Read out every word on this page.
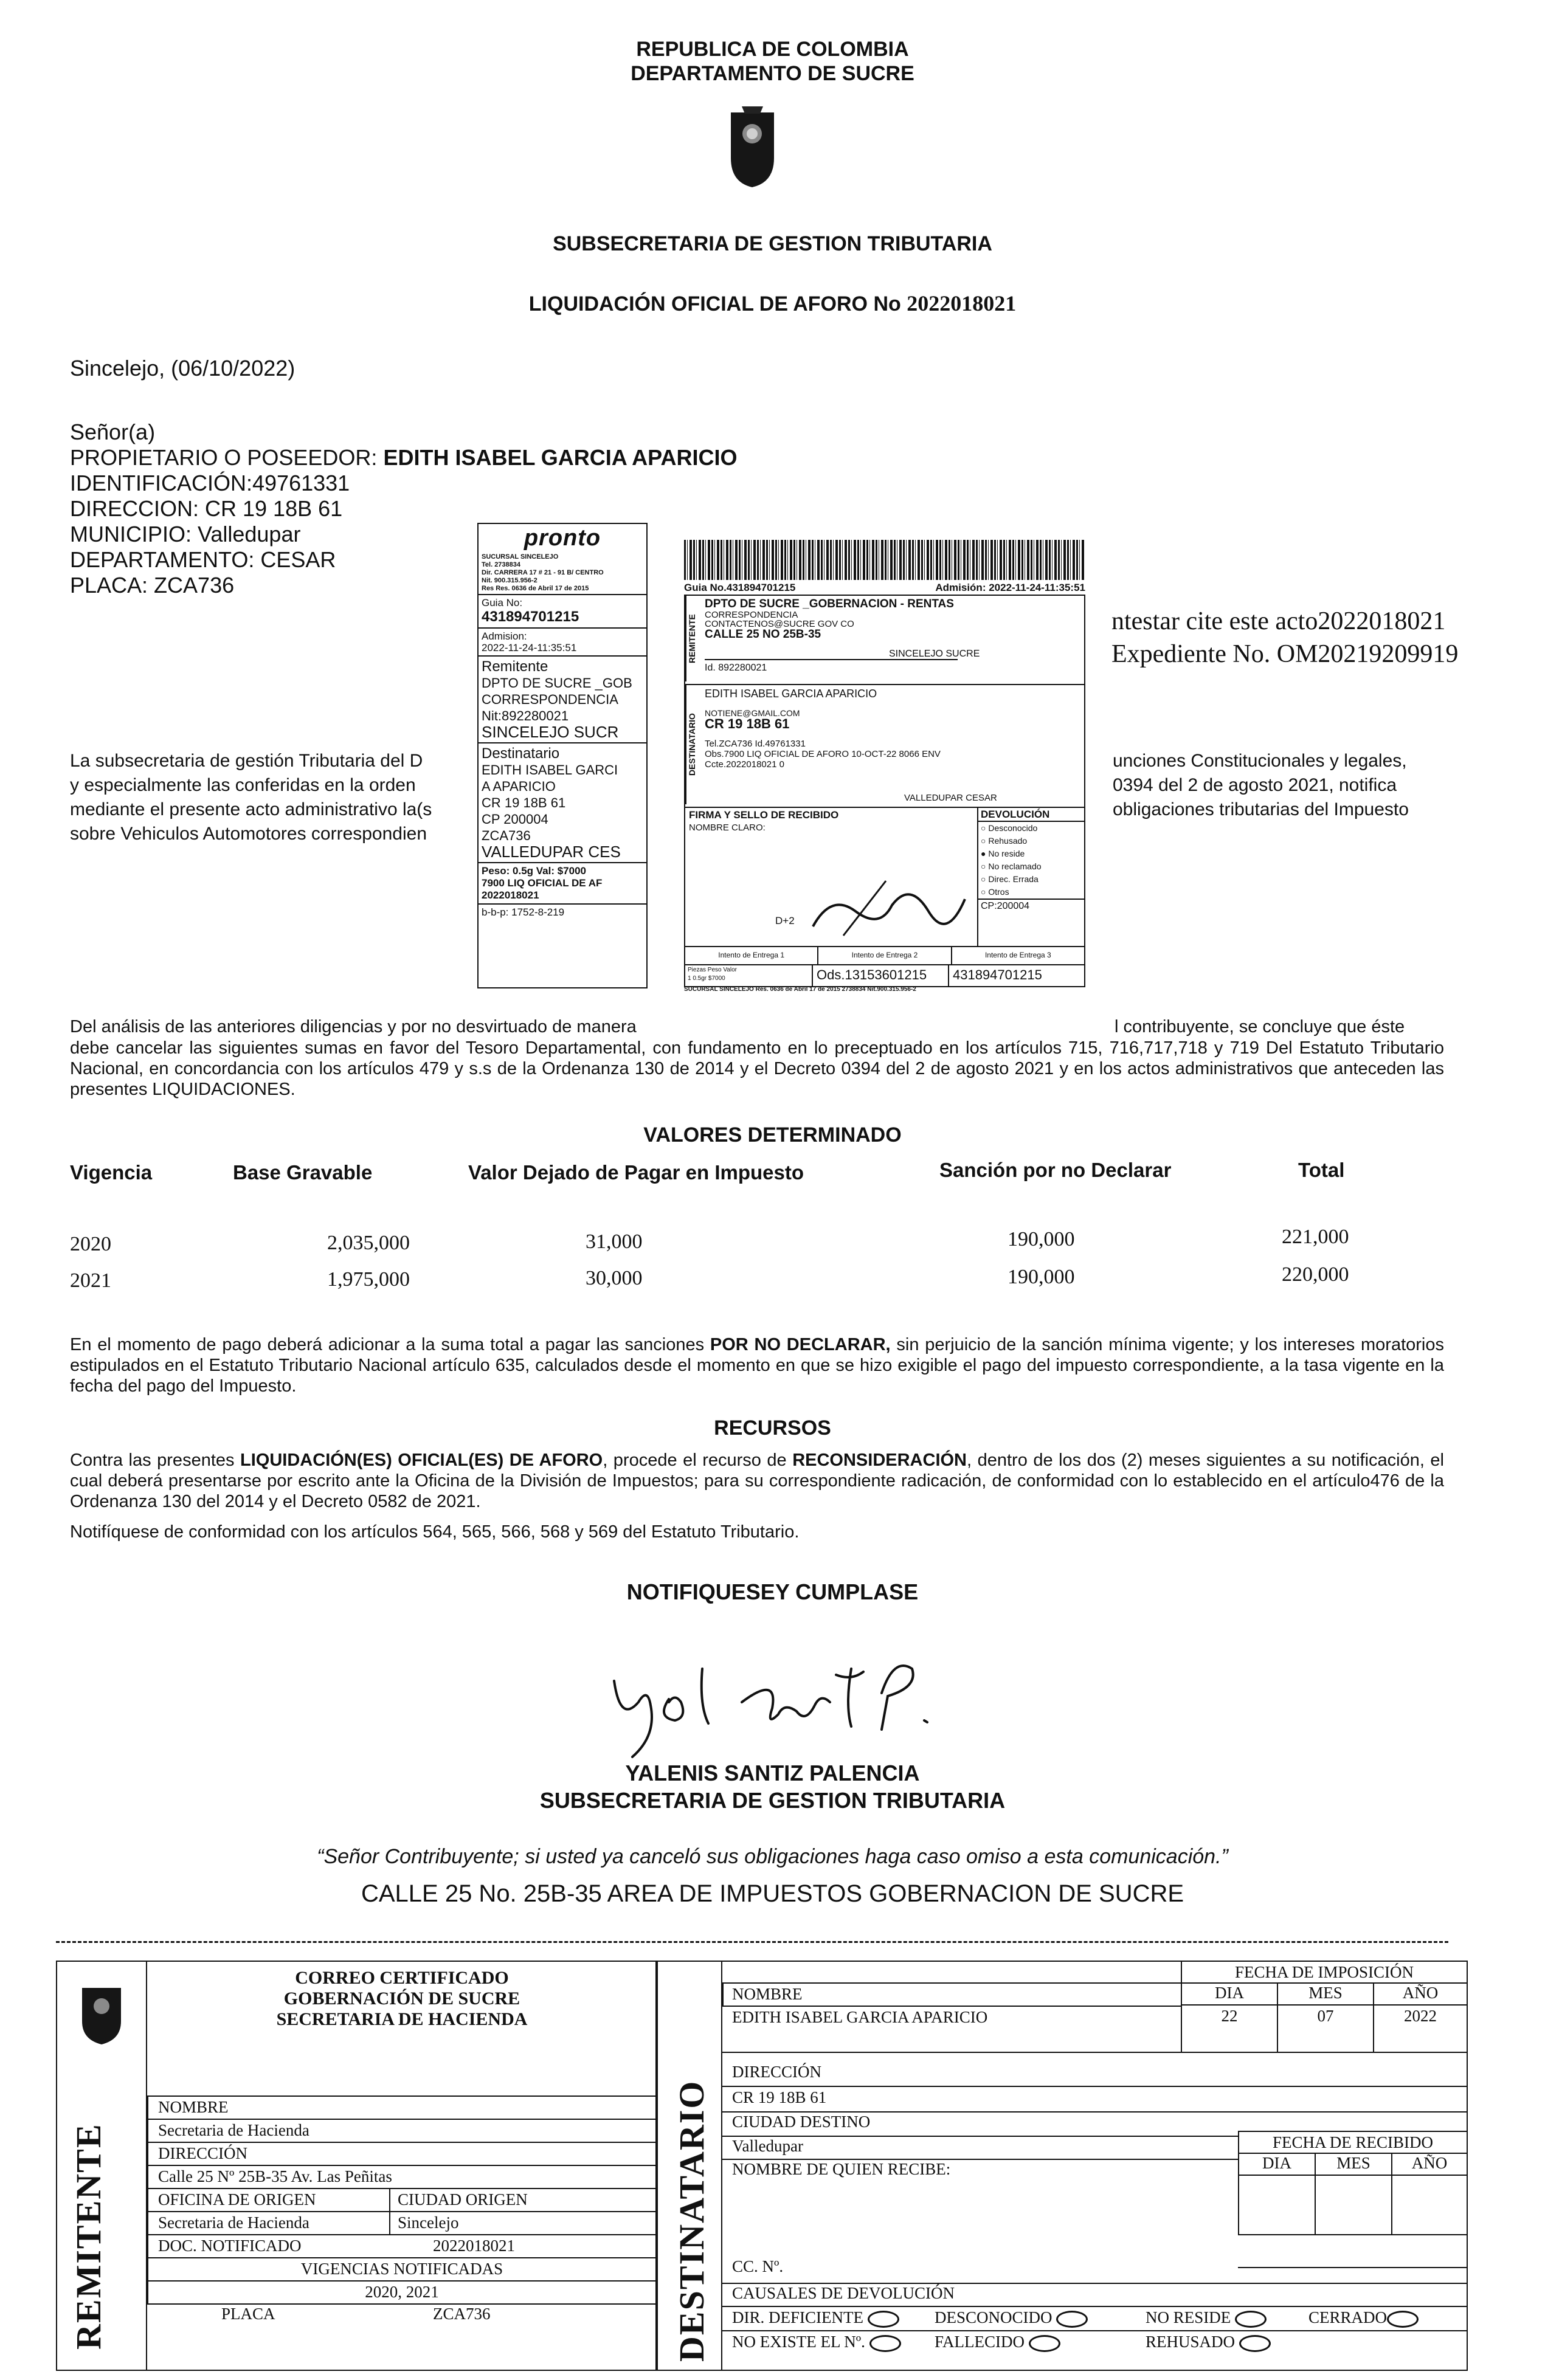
REPUBLICA DE COLOMBIA
DEPARTAMENTO DE SUCRE
SUBSECRETARIA DE GESTION TRIBUTARIA
LIQUIDACIÓN OFICIAL DE AFORO No 2022018021
Sincelejo, (06/10/2022)
Señor(a)
PROPIETARIO O POSEEDOR: EDITH ISABEL GARCIA APARICIO
IDENTIFICACIÓN:49761331
DIRECCION: CR 19 18B 61
MUNICIPIO: Valledupar
DEPARTAMENTO: CESAR
PLACA: ZCA736
ntestar cite este acto2022018021
Expediente No. OM20219209919
La subsecretaria de gestión Tributaria del D
y especialmente las conferidas en la orden
mediante el presente acto administrativo la(s
sobre Vehiculos Automotores correspondien
unciones Constitucionales y legales,
0394 del 2 de agosto 2021, notifica
obligaciones tributarias del Impuesto
pronto
SUCURSAL SINCELEJO
Tel. 2738834
Dir. CARRERA 17 # 21 - 91 B/ CENTRO
Nit. 900.315.956-2
Res Res. 0636 de Abril 17 de 2015
Guia No:
431894701215
Admision:
2022-11-24-11:35:51
Remitente
DPTO DE SUCRE _GOB
CORRESPONDENCIA
Nit:892280021
SINCELEJO SUCR
Destinatario
EDITH ISABEL GARCI
A APARICIO
CR 19 18B 61
CP 200004
ZCA736
VALLEDUPAR CES
Peso: 0.5g Val: $7000
7900 LIQ OFICIAL DE AF
2022018021
b-b-p: 1752-8-219
Guia No.431894701215	Admisión: 2022-11-24-11:35:51
REMITENTE
DPTO DE SUCRE _GOBERNACION - RENTAS
CORRESPONDENCIA
CONTACTENOS@SUCRE GOV CO
CALLE 25 NO 25B-35
SINCELEJO SUCRE
Id. 892280021
DESTINATARIO
EDITH ISABEL GARCIA APARICIO
NOTIENE@GMAIL.COM
CR 19 18B 61
Tel.ZCA736 Id.49761331
Obs.7900 LIQ OFICIAL DE AFORO 10-OCT-22 8066 ENV
Ccte.2022018021 0
VALLEDUPAR CESAR
FIRMA Y SELLO DE RECIBIDO
NOMBRE CLARO:
D+2
DEVOLUCIÓN
○ Desconocido
○ Rehusado
● No reside
○ No reclamado
○ Direc. Errada
○ Otros
CP:200004
Intento de Entrega 1	Intento de Entrega 2	Intento de Entrega 3
Piezas Peso Valor
1 0.5gr $7000	Ods.13153601215	431894701215
SUCURSAL SINCELEJO Res. 0636 de Abril 17 de 2015 2738834 Nit.900.315.956-2
Del análisis de las anteriores diligencias y por no desvirtuado de manera	l contribuyente, se concluye que éste
debe cancelar las siguientes sumas en favor del Tesoro Departamental, con fundamento en lo preceptuado en los artículos 715, 716,717,718 y 719 Del Estatuto Tributario Nacional, en concordancia con los artículos 479 y s.s de la Ordenanza 130 de 2014 y el Decreto 0394 del 2 de agosto 2021 y en los actos administrativos que anteceden las presentes LIQUIDACIONES.
VALORES DETERMINADO
Vigencia	Base Gravable	Valor Dejado de Pagar en Impuesto	Sanción por no Declarar	Total
2020	2,035,000	31,000	190,000	221,000
2021	1,975,000	30,000	190,000	220,000
En el momento de pago deberá adicionar a la suma total a pagar las sanciones POR NO DECLARAR, sin perjuicio de la sanción mínima vigente; y los intereses moratorios estipulados en el Estatuto Tributario Nacional artículo 635, calculados desde el momento en que se hizo exigible el pago del impuesto correspondiente, a la tasa vigente en la fecha del pago del Impuesto.
RECURSOS
Contra las presentes LIQUIDACIÓN(ES) OFICIAL(ES) DE AFORO, procede el recurso de RECONSIDERACIÓN, dentro de los dos (2) meses siguientes a su notificación, el cual deberá presentarse por escrito ante la Oficina de la División de Impuestos; para su correspondiente radicación, de conformidad con lo establecido en el artículo476 de la Ordenanza 130 del 2014 y el Decreto 0582 de 2021.
Notifíquese de conformidad con los artículos 564, 565, 566, 568 y 569 del Estatuto Tributario.
NOTIFIQUESEY CUMPLASE
YALENIS SANTIZ PALENCIA
SUBSECRETARIA DE GESTION TRIBUTARIA
“Señor Contribuyente; si usted ya canceló sus obligaciones haga caso omiso a esta comunicación.”
CALLE 25 No. 25B-35 AREA DE IMPUESTOS GOBERNACION DE SUCRE
REMITENTE
CORREO CERTIFICADO
GOBERNACIÓN DE SUCRE
SECRETARIA DE HACIENDA
NOMBRE
Secretaria de Hacienda
DIRECCIÓN
Calle 25 Nº 25B-35 Av. Las Peñitas
OFICINA DE ORIGEN	CIUDAD ORIGEN
Secretaria de Hacienda	Sincelejo
DOC. NOTIFICADO	2022018021
VIGENCIAS NOTIFICADAS
2020, 2021
PLACA	ZCA736	DESTINATARIO
FECHA DE IMPOSICIÓN
DIA	MES	AÑO
22	07	2022
NOMBRE
EDITH ISABEL GARCIA APARICIO
DIRECCIÓN
CR 19 18B 61
CIUDAD DESTINO
Valledupar
NOMBRE DE QUIEN RECIBE:
FECHA DE RECIBIDO
DIA	MES	AÑO
CC. Nº.
CAUSALES DE DEVOLUCIÓN
DIR. DEFICIENTE	DESCONOCIDO	NO RESIDE	CERRADO
NO EXISTE EL Nº.	FALLECIDO	REHUSADO
